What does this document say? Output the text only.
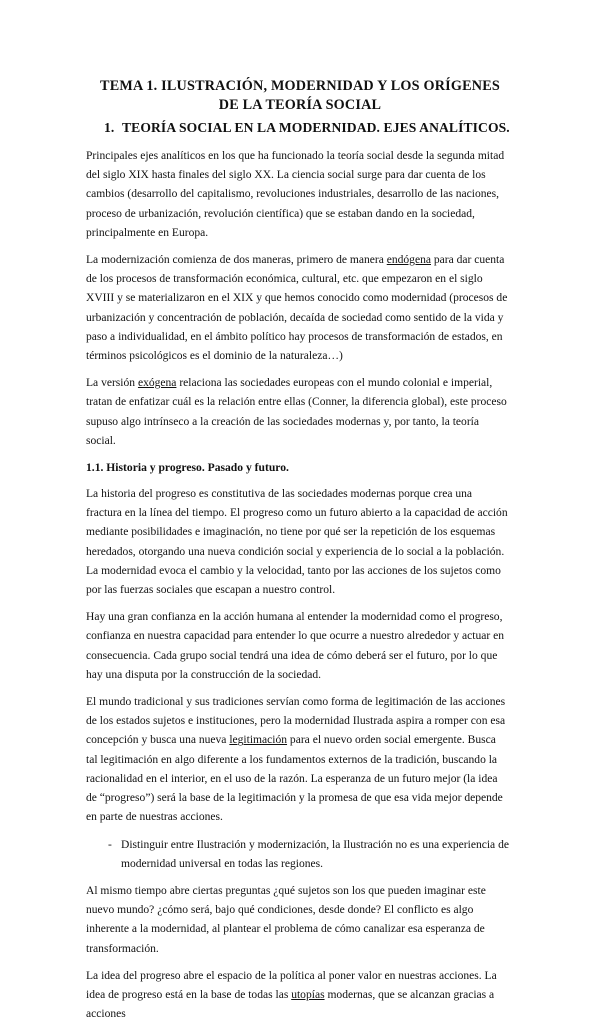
TEMA 1. ILUSTRACIÓN, MODERNIDAD Y LOS ORÍGENES DE LA TEORÍA SOCIAL
1. TEORÍA SOCIAL EN LA MODERNIDAD. EJES ANALÍTICOS.

Principales ejes analíticos en los que ha funcionado la teoría social desde la segunda mitad del siglo XIX hasta finales del siglo XX. La ciencia social surge para dar cuenta de los cambios (desarrollo del capitalismo, revoluciones industriales, desarrollo de las naciones, proceso de urbanización, revolución científica) que se estaban dando en la sociedad, principalmente en Europa.

La modernización comienza de dos maneras, primero de manera endógena para dar cuenta de los procesos de transformación económica, cultural, etc. que empezaron en el siglo XVIII y se materializaron en el XIX y que hemos conocido como modernidad (procesos de urbanización y concentración de población, decaída de sociedad como sentido de la vida y paso a individualidad, en el ámbito político hay procesos de transformación de estados, en términos psicológicos es el dominio de la naturaleza…)

La versión exógena relaciona las sociedades europeas con el mundo colonial e imperial, tratan de enfatizar cuál es la relación entre ellas (Conner, la diferencia global), este proceso supuso algo intrínseco a la creación de las sociedades modernas y, por tanto, la teoría social.

1.1. Historia y progreso. Pasado y futuro.

La historia del progreso es constitutiva de las sociedades modernas porque crea una fractura en la línea del tiempo. El progreso como un futuro abierto a la capacidad de acción mediante posibilidades e imaginación, no tiene por qué ser la repetición de los esquemas heredados, otorgando una nueva condición social y experiencia de lo social a la población. La modernidad evoca el cambio y la velocidad, tanto por las acciones de los sujetos como por las fuerzas sociales que escapan a nuestro control.

Hay una gran confianza en la acción humana al entender la modernidad como el progreso, confianza en nuestra capacidad para entender lo que ocurre a nuestro alrededor y actuar en consecuencia. Cada grupo social tendrá una idea de cómo deberá ser el futuro, por lo que hay una disputa por la construcción de la sociedad.

El mundo tradicional y sus tradiciones servían como forma de legitimación de las acciones de los estados sujetos e instituciones, pero la modernidad Ilustrada aspira a romper con esa concepción y busca una nueva legitimación para el nuevo orden social emergente. Busca tal legitimación en algo diferente a los fundamentos externos de la tradición, buscando la racionalidad en el interior, en el uso de la razón. La esperanza de un futuro mejor (la idea de “progreso”) será la base de la legitimación y la promesa de que esa vida mejor depende en parte de nuestras acciones.

- Distinguir entre Ilustración y modernización, la Ilustración no es una experiencia de modernidad universal en todas las regiones.

Al mismo tiempo abre ciertas preguntas ¿qué sujetos son los que pueden imaginar este nuevo mundo? ¿cómo será, bajo qué condiciones, desde donde? El conflicto es algo inherente a la modernidad, al plantear el problema de cómo canalizar esa esperanza de transformación.

La idea del progreso abre el espacio de la política al poner valor en nuestras acciones. La idea de progreso está en la base de todas las utopías modernas, que se alcanzan gracias a acciones
